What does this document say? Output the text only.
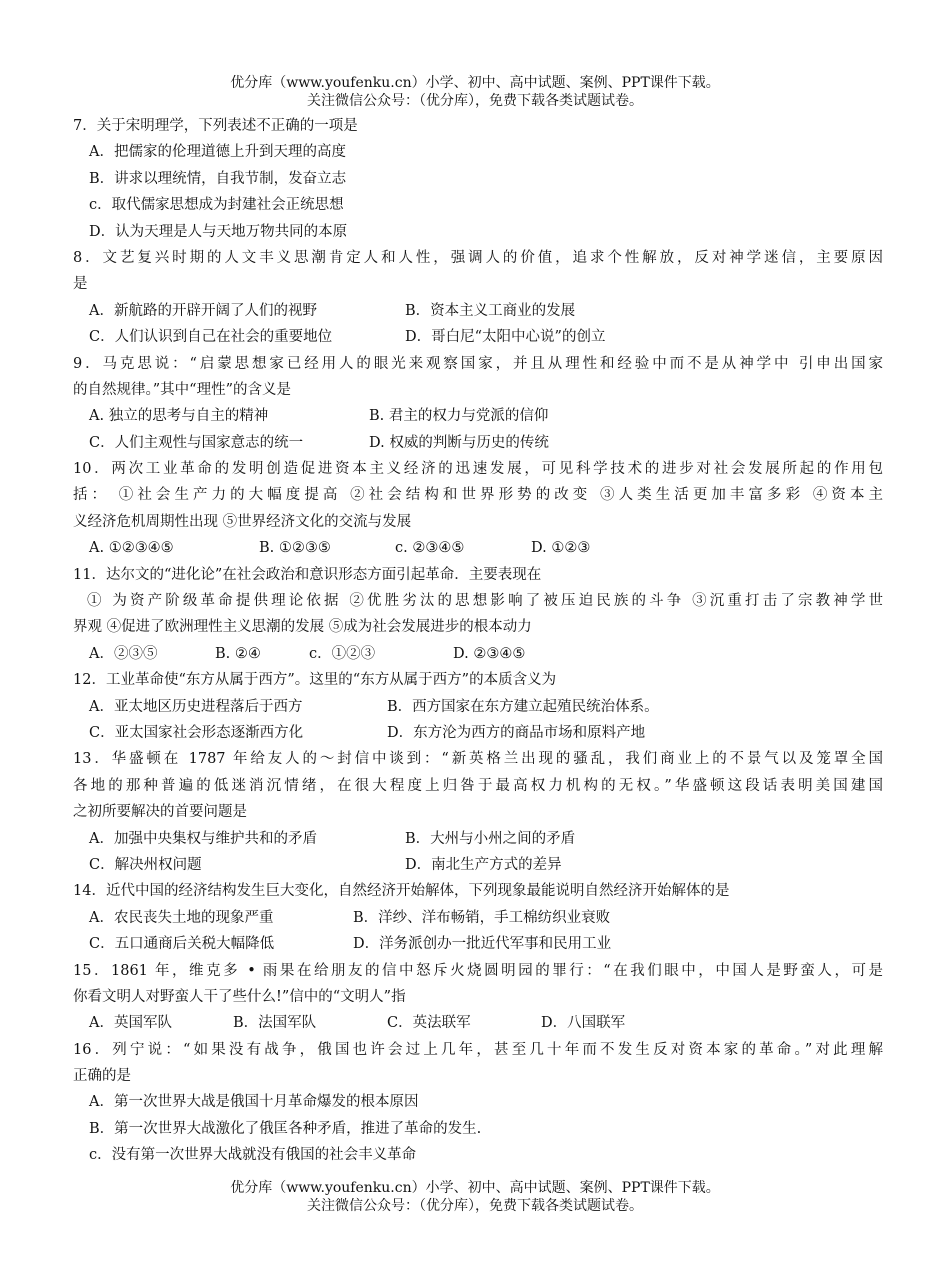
优分库（www.youfenku.cn）小学、初中、高中试题、案例、PPT课件下载。
关注微信公众号：（优分库），免费下载各类试题试卷。
7．关于宋明理学，下列表述不正确的一项是
A．把儒家的伦理道德上升到天理的高度
B．讲求以理统情，自我节制，发奋立志
c．取代儒家思想成为封建社会正统思想
D．认为天理是人与天地万物共同的本原
8．文艺复兴时期的人文丰义思潮肯定人和人性，强调人的价值，追求个性解放，反对神学迷信，主要原因
是
A．新航路的开辟开阔了人们的视野	B．资本主义工商业的发展
C．人们认识到自己在社会的重要地位	D．哥白尼“太阳中心说”的创立
9．马克思说：“启蒙思想家已经用人的眼光来观察国家，并且从理性和经验中而不是从神学中 引申出国家
的自然规律。”其中“理性”的含义是
A. 独立的思考与自主的精神	B. 君主的权力与党派的信仰
C．人们主观性与国家意志的统一	D. 权威的判断与历史的传统
10．两次工业革命的发明创造促进资本主义经济的迅速发展，可见科学技术的进步对社会发展所起的作用包
括： ①社会生产力的大幅度提高 ②社会结构和世界形势的改变 ③人类生活更加丰富多彩 ④资本主
义经济危机周期性出现 ⑤世界经济文化的交流与发展
A. ①②③④⑤	B. ①②③⑤	c. ②③④⑤	D. ①②③
11．达尔文的“进化论”在社会政治和意识形态方面引起革命．主要表现在
① 为资产阶级革命提供理论依据 ②优胜劣汰的思想影响了被压迫民族的斗争 ③沉重打击了宗教神学世
界观 ④促进了欧洲理性主义思潮的发展 ⑤成为社会发展进步的根本动力
A．②③⑤	B. ②④	c．①②③	D. ②③④⑤
12．工业革命使“东方从属于西方”。这里的“东方从属于西方”的本质含义为
A．亚太地区历史进程落后于西方	B．西方国家在东方建立起殖民统治体系。
C．亚太国家社会形态逐渐西方化	D．东方沦为西方的商品市场和原料产地
13．华盛顿在 1787 年给友人的～封信中谈到：“新英格兰出现的骚乱，我们商业上的不景气以及笼罩全国
各地的那种普遍的低迷消沉情绪，在很大程度上归咎于最高权力机构的无权。”华盛顿这段话表明美国建国
之初所要解决的首要问题是
A．加强中央集权与维护共和的矛盾	B．大州与小州之间的矛盾
C．解决州权问题	D．南北生产方式的差异
14．近代中国的经济结构发生巨大变化，自然经济开始解体，下列现象最能说明自然经济开始解体的是
A．农民丧失土地的现象严重	B．洋纱、洋布畅销，手工棉纺织业衰败
C．五口通商后关税大幅降低	D．洋务派创办一批近代军事和民用工业
15．1861 年，维克多 • 雨果在给朋友的信中怒斥火烧圆明园的罪行：“在我们眼中，中国人是野蛮人，可是
你看文明人对野蛮人干了些什么!”信中的“文明人”指
A．英国军队	B．法国军队	C．英法联军	D．八国联军
16．列宁说：“如果没有战争，俄国也许会过上几年，甚至几十年而不发生反对资本家的革命。”对此理解
正确的是
A．第一次世界大战是俄国十月革命爆发的根本原因
B．第一次世界大战激化了俄匡各种矛盾，推进了革命的发生.
c．没有第一次世界大战就没有俄国的社会丰义革命
优分库（www.youfenku.cn）小学、初中、高中试题、案例、PPT课件下载。
关注微信公众号：（优分库），免费下载各类试题试卷。
